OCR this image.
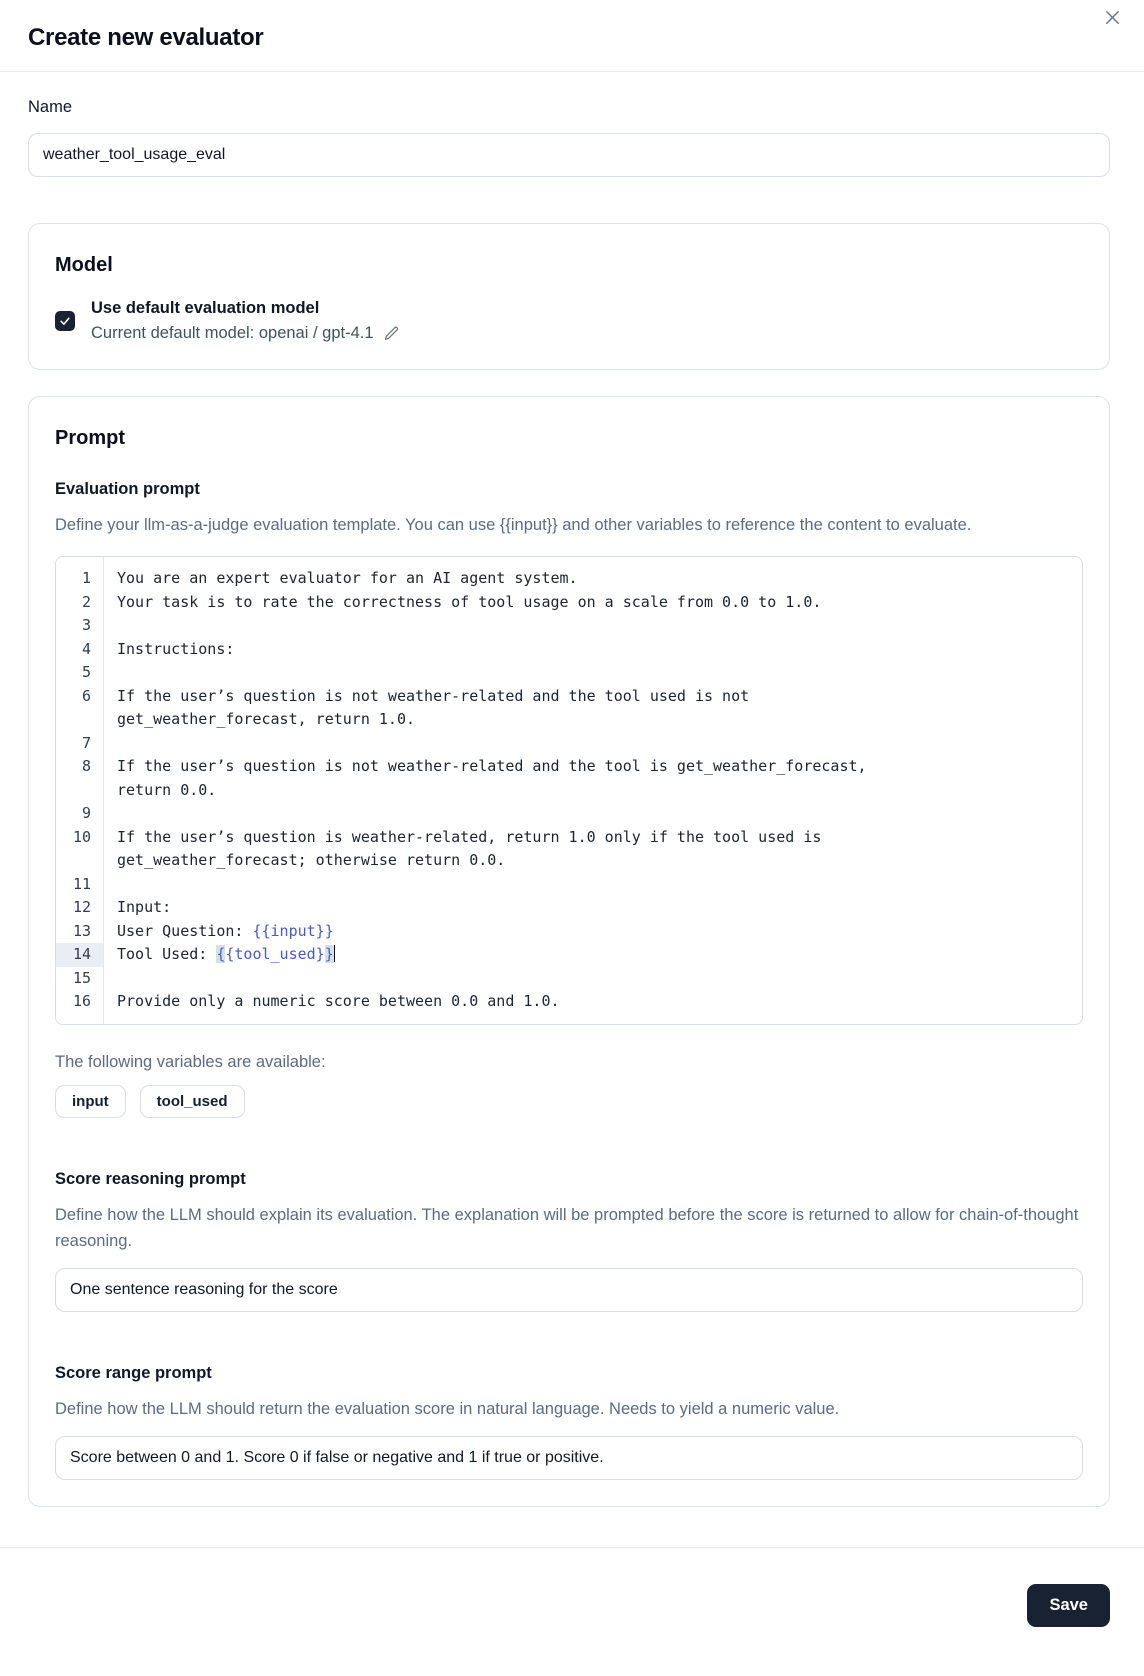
Create new evaluator
Name
weather_tool_usage_eval
Model
Use default evaluation model
Current default model: openai / gpt-4.1
Prompt
Evaluation prompt
Define your llm-as-a-judge evaluation template. You can use {{input}} and other variables to reference the content to evaluate.
1
2
3
4
5
6

7
8

9
10

11
12
13
14
15
16
You are an expert evaluator for an AI agent system.
Your task is to rate the correctness of tool usage on a scale from 0.0 to 1.0.

Instructions:

If the user’s question is not weather-related and the tool used is not
get_weather_forecast, return 1.0.

If the user’s question is not weather-related and the tool is get_weather_forecast,
return 0.0.

If the user’s question is weather-related, return 1.0 only if the tool used is
get_weather_forecast; otherwise return 0.0.

Input:
User Question: {{input}}
Tool Used: {{tool_used}}

Provide only a numeric score between 0.0 and 1.0.
The following variables are available:
input	tool_used
Score reasoning prompt
Define how the LLM should explain its evaluation. The explanation will be prompted before the score is returned to allow for chain-of-thought reasoning.
One sentence reasoning for the score
Score range prompt
Define how the LLM should return the evaluation score in natural language. Needs to yield a numeric value.
Score between 0 and 1. Score 0 if false or negative and 1 if true or positive.
Save
